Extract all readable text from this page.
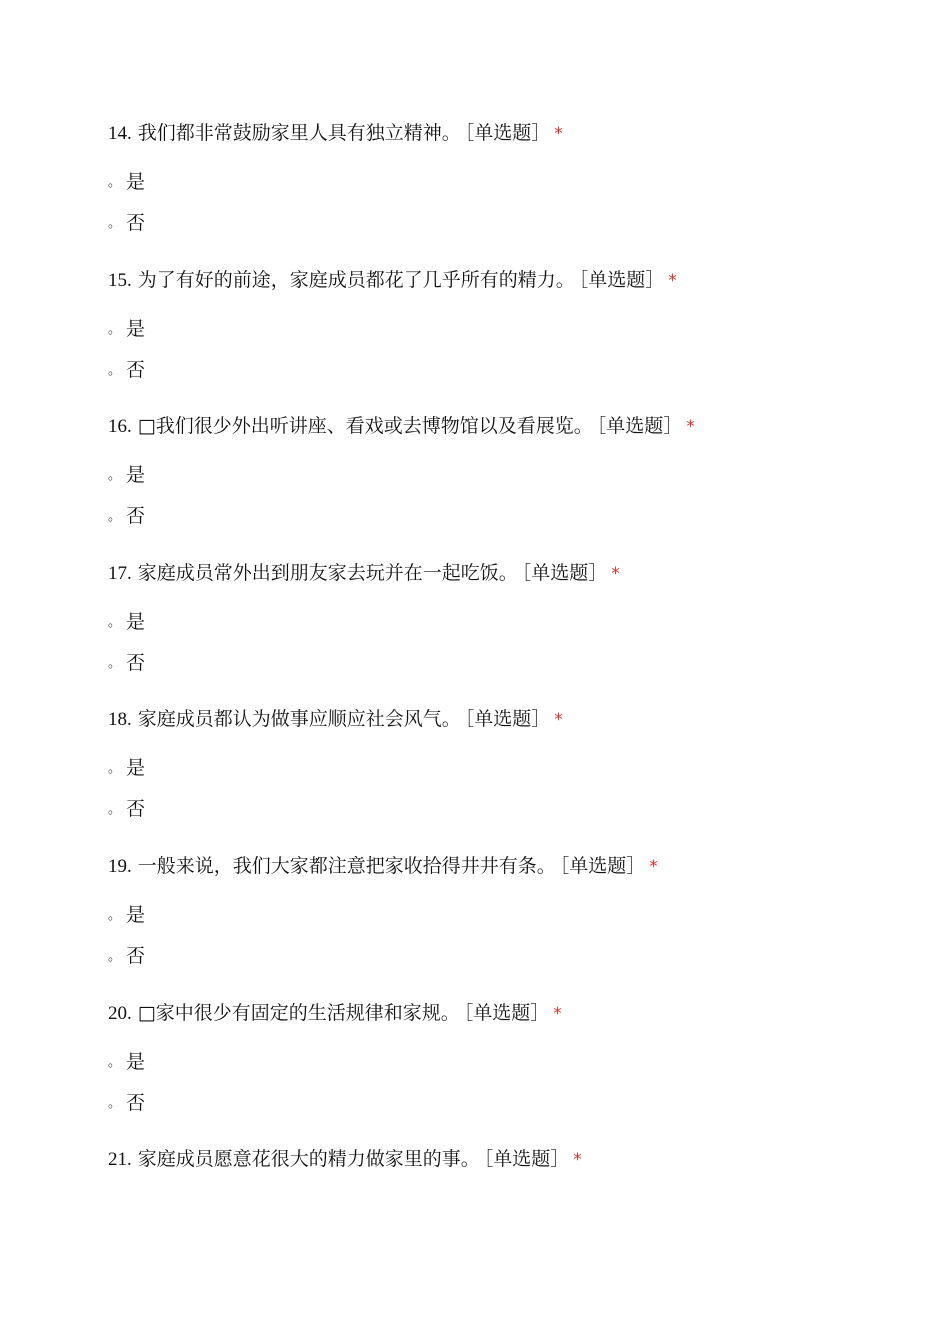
14. 我们都非常鼓励家里人具有独立精神。 ［单选题］ *
。 是
。 否
15. 为了有好的前途，家庭成员都花了几乎所有的精力。 ［单选题］ *
。 是
。 否
16. □我们很少外出听讲座、看戏或去博物馆以及看展览。 ［单选题］ *
。 是
。 否
17. 家庭成员常外出到朋友家去玩并在一起吃饭。 ［单选题］ *
。 是
。 否
18. 家庭成员都认为做事应顺应社会风气。 ［单选题］ *
。 是
。 否
19. 一般来说，我们大家都注意把家收拾得井井有条。 ［单选题］ *
。 是
。 否
20. □家中很少有固定的生活规律和家规。 ［单选题］ *
。 是
。 否
21. 家庭成员愿意花很大的精力做家里的事。 ［单选题］ *
